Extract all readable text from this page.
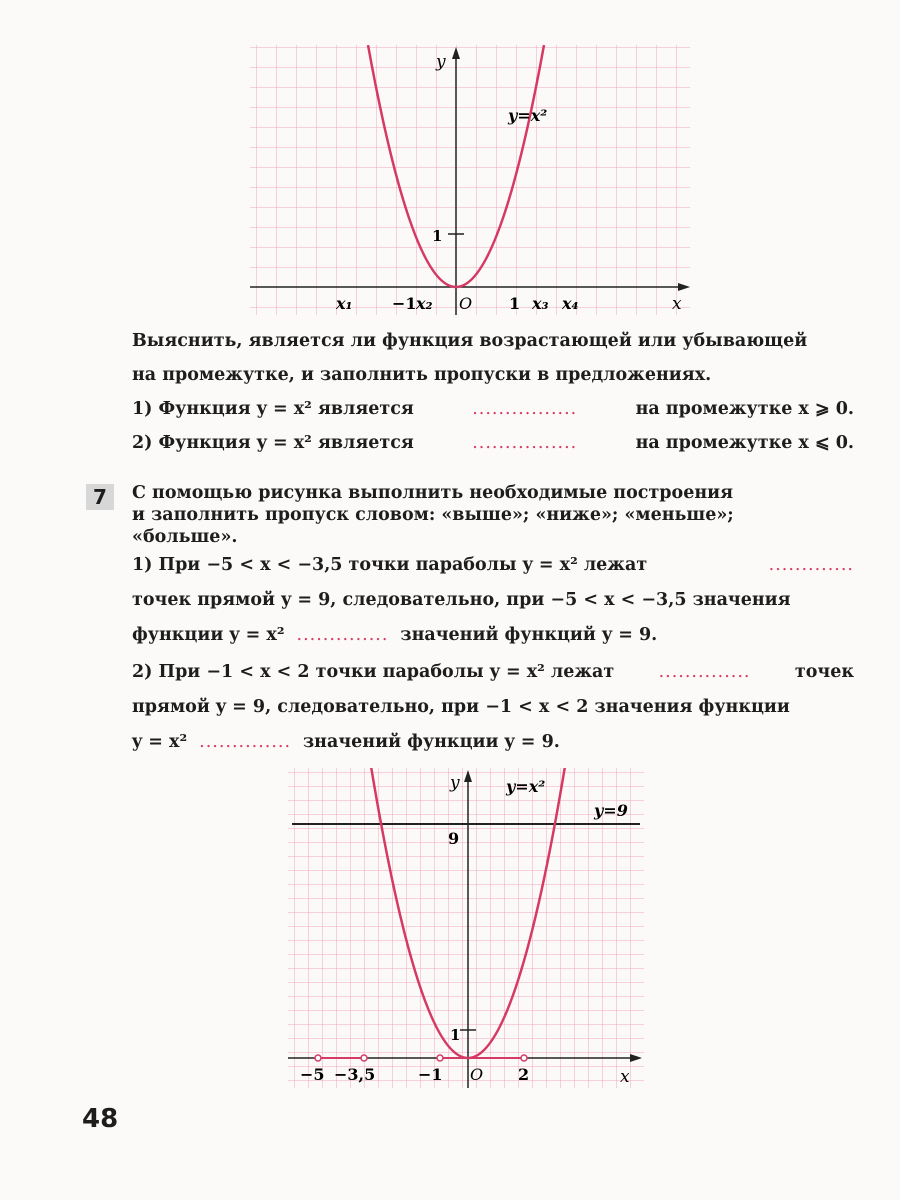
y
x
y=x²
1
O
x₁ −1 x₂	1 x₃ x₄
Выяснить, является ли функция возрастающей или убывающей
на промежутке, и заполнить пропуски в предложениях.
1) Функция y = x² является	................	на промежутке x ⩾ 0.
2) Функция y = x² является	................	на промежутке x ⩽ 0.
7	С помощью рисунка выполнить необходимые построения
и заполнить пропуск словом: «выше»; «ниже»; «меньше»;
«больше».
1) При −5 < x < −3,5 точки параболы y = x² лежат	.............
точек прямой y = 9, следовательно, при −5 < x < −3,5 значения
функции y = x² .............. значений функций y = 9.
2) При −1 < x < 2 точки параболы y = x² лежат	..............	точек
прямой y = 9, следовательно, при −1 < x < 2 значения функции
y = x² .............. значений функции y = 9.
y
x
y=x²
y=9
9
1
O
−5 −3,5	−1	2
48
